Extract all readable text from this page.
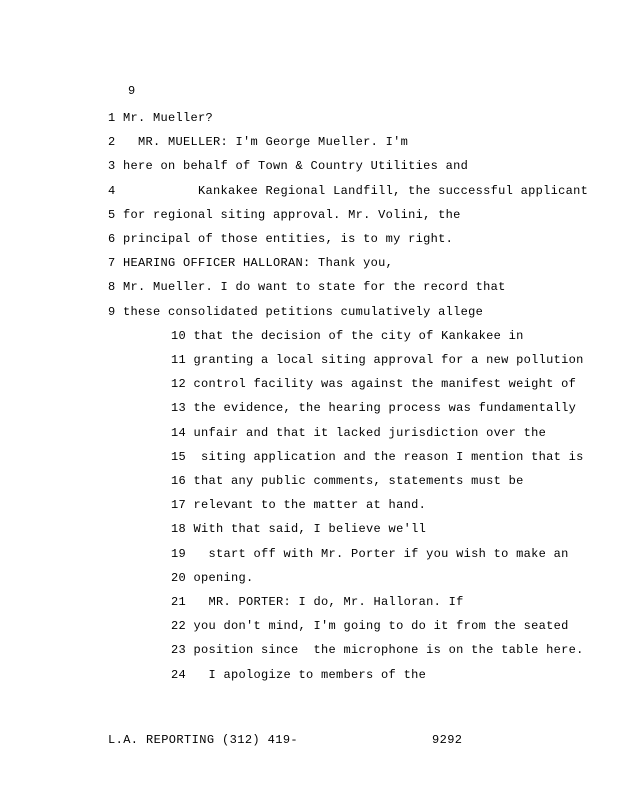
9
1 Mr. Mueller?
2   MR. MUELLER: I'm George Mueller. I'm
3 here on behalf of Town & Country Utilities and
4           Kankakee Regional Landfill, the successful applicant
5 for regional siting approval. Mr. Volini, the
6 principal of those entities, is to my right.
7 HEARING OFFICER HALLORAN: Thank you,
8 Mr. Mueller. I do want to state for the record that
9 these consolidated petitions cumulatively allege
10 that the decision of the city of Kankakee in
11 granting a local siting approval for a new pollution
12 control facility was against the manifest weight of
13 the evidence, the hearing process was fundamentally
14 unfair and that it lacked jurisdiction over the
15  siting application and the reason I mention that is
16 that any public comments, statements must be
17 relevant to the matter at hand.
18 With that said, I believe we'll
19   start off with Mr. Porter if you wish to make an
20 opening.
21   MR. PORTER: I do, Mr. Halloran. If
22 you don't mind, I'm going to do it from the seated
23 position since  the microphone is on the table here.
24   I apologize to members of the
L.A. REPORTING (312) 419-	9292
